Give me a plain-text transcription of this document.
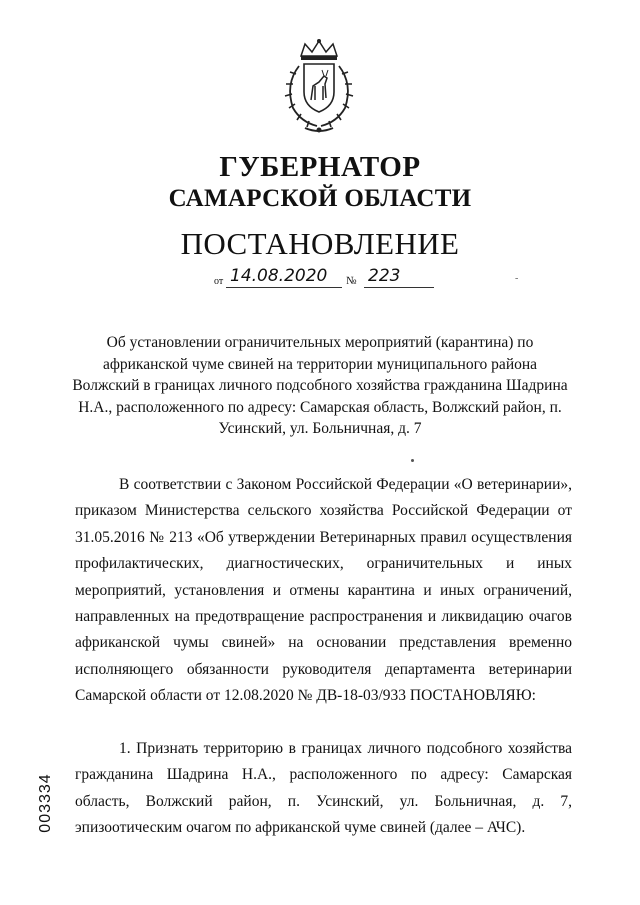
ГУБЕРНАТОР
САМАРСКОЙ ОБЛАСТИ
ПОСТАНОВЛЕНИЕ
от 14.08.2020	№ 223	-
Об установлении ограничительных мероприятий (карантина) по африканской чуме свиней на территории муниципального района Волжский в границах личного подсобного хозяйства гражданина Шадрина Н.А., расположенного по адресу: Самарская область, Волжский район, п. Усинский, ул. Больничная, д. 7
В соответствии с Законом Российской Федерации «О ветеринарии», приказом Министерства сельского хозяйства Российской Федерации от 31.05.2016 № 213 «Об утверждении Ветеринарных правил осуществления профилактических, диагностических, ограничительных и иных мероприятий, установления и отмены карантина и иных ограничений, направленных на предотвращение распространения и ликвидацию очагов африканской чумы свиней» на основании представления временно исполняющего обязанности руководителя департамента ветеринарии Самарской области от 12.08.2020 № ДВ-18-03/933 ПОСТАНОВЛЯЮ:
1. Признать территорию в границах личного подсобного хозяйства гражданина Шадрина Н.А., расположенного по адресу: Самарская область, Волжский район, п. Усинский, ул. Больничная, д. 7, эпизоотическим очагом по африканской чуме свиней (далее – АЧС).
003334
